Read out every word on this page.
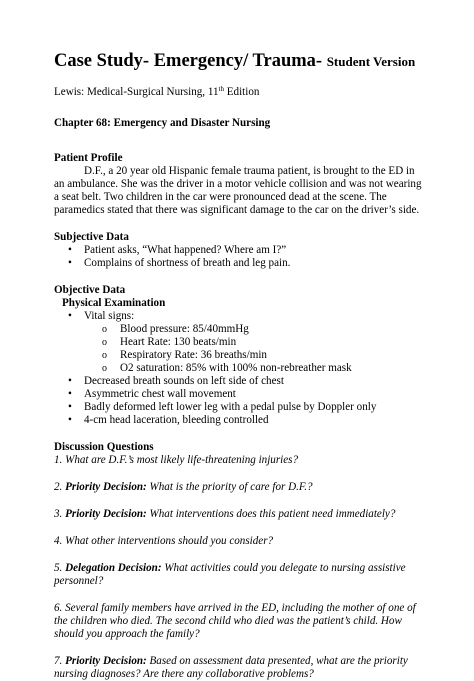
Case Study- Emergency/ Trauma- Student Version
Lewis: Medical-Surgical Nursing, 11th Edition
Chapter 68: Emergency and Disaster Nursing
Patient Profile
D.F., a 20 year old Hispanic female trauma patient, is brought to the ED in an ambulance. She was the driver in a motor vehicle collision and was not wearing a seat belt. Two children in the car were pronounced dead at the scene. The paramedics stated that there was significant damage to the car on the driver’s side.
Subjective Data
• Patient asks, “What happened? Where am I?”
• Complains of shortness of breath and leg pain.
Objective Data
Physical Examination
• Vital signs:
o Blood pressure: 85/40mmHg
o Heart Rate: 130 beats/min
o Respiratory Rate: 36 breaths/min
o O2 saturation: 85% with 100% non-rebreather mask
• Decreased breath sounds on left side of chest
• Asymmetric chest wall movement
• Badly deformed left lower leg with a pedal pulse by Doppler only
• 4-cm head laceration, bleeding controlled
Discussion Questions
1. What are D.F.’s most likely life-threatening injuries?
2. Priority Decision: What is the priority of care for D.F.?
3. Priority Decision: What interventions does this patient need immediately?
4. What other interventions should you consider?
5. Delegation Decision: What activities could you delegate to nursing assistive personnel?
6. Several family members have arrived in the ED, including the mother of one of the children who died. The second child who died was the patient’s child. How should you approach the family?
7. Priority Decision: Based on assessment data presented, what are the priority nursing diagnoses? Are there any collaborative problems?
